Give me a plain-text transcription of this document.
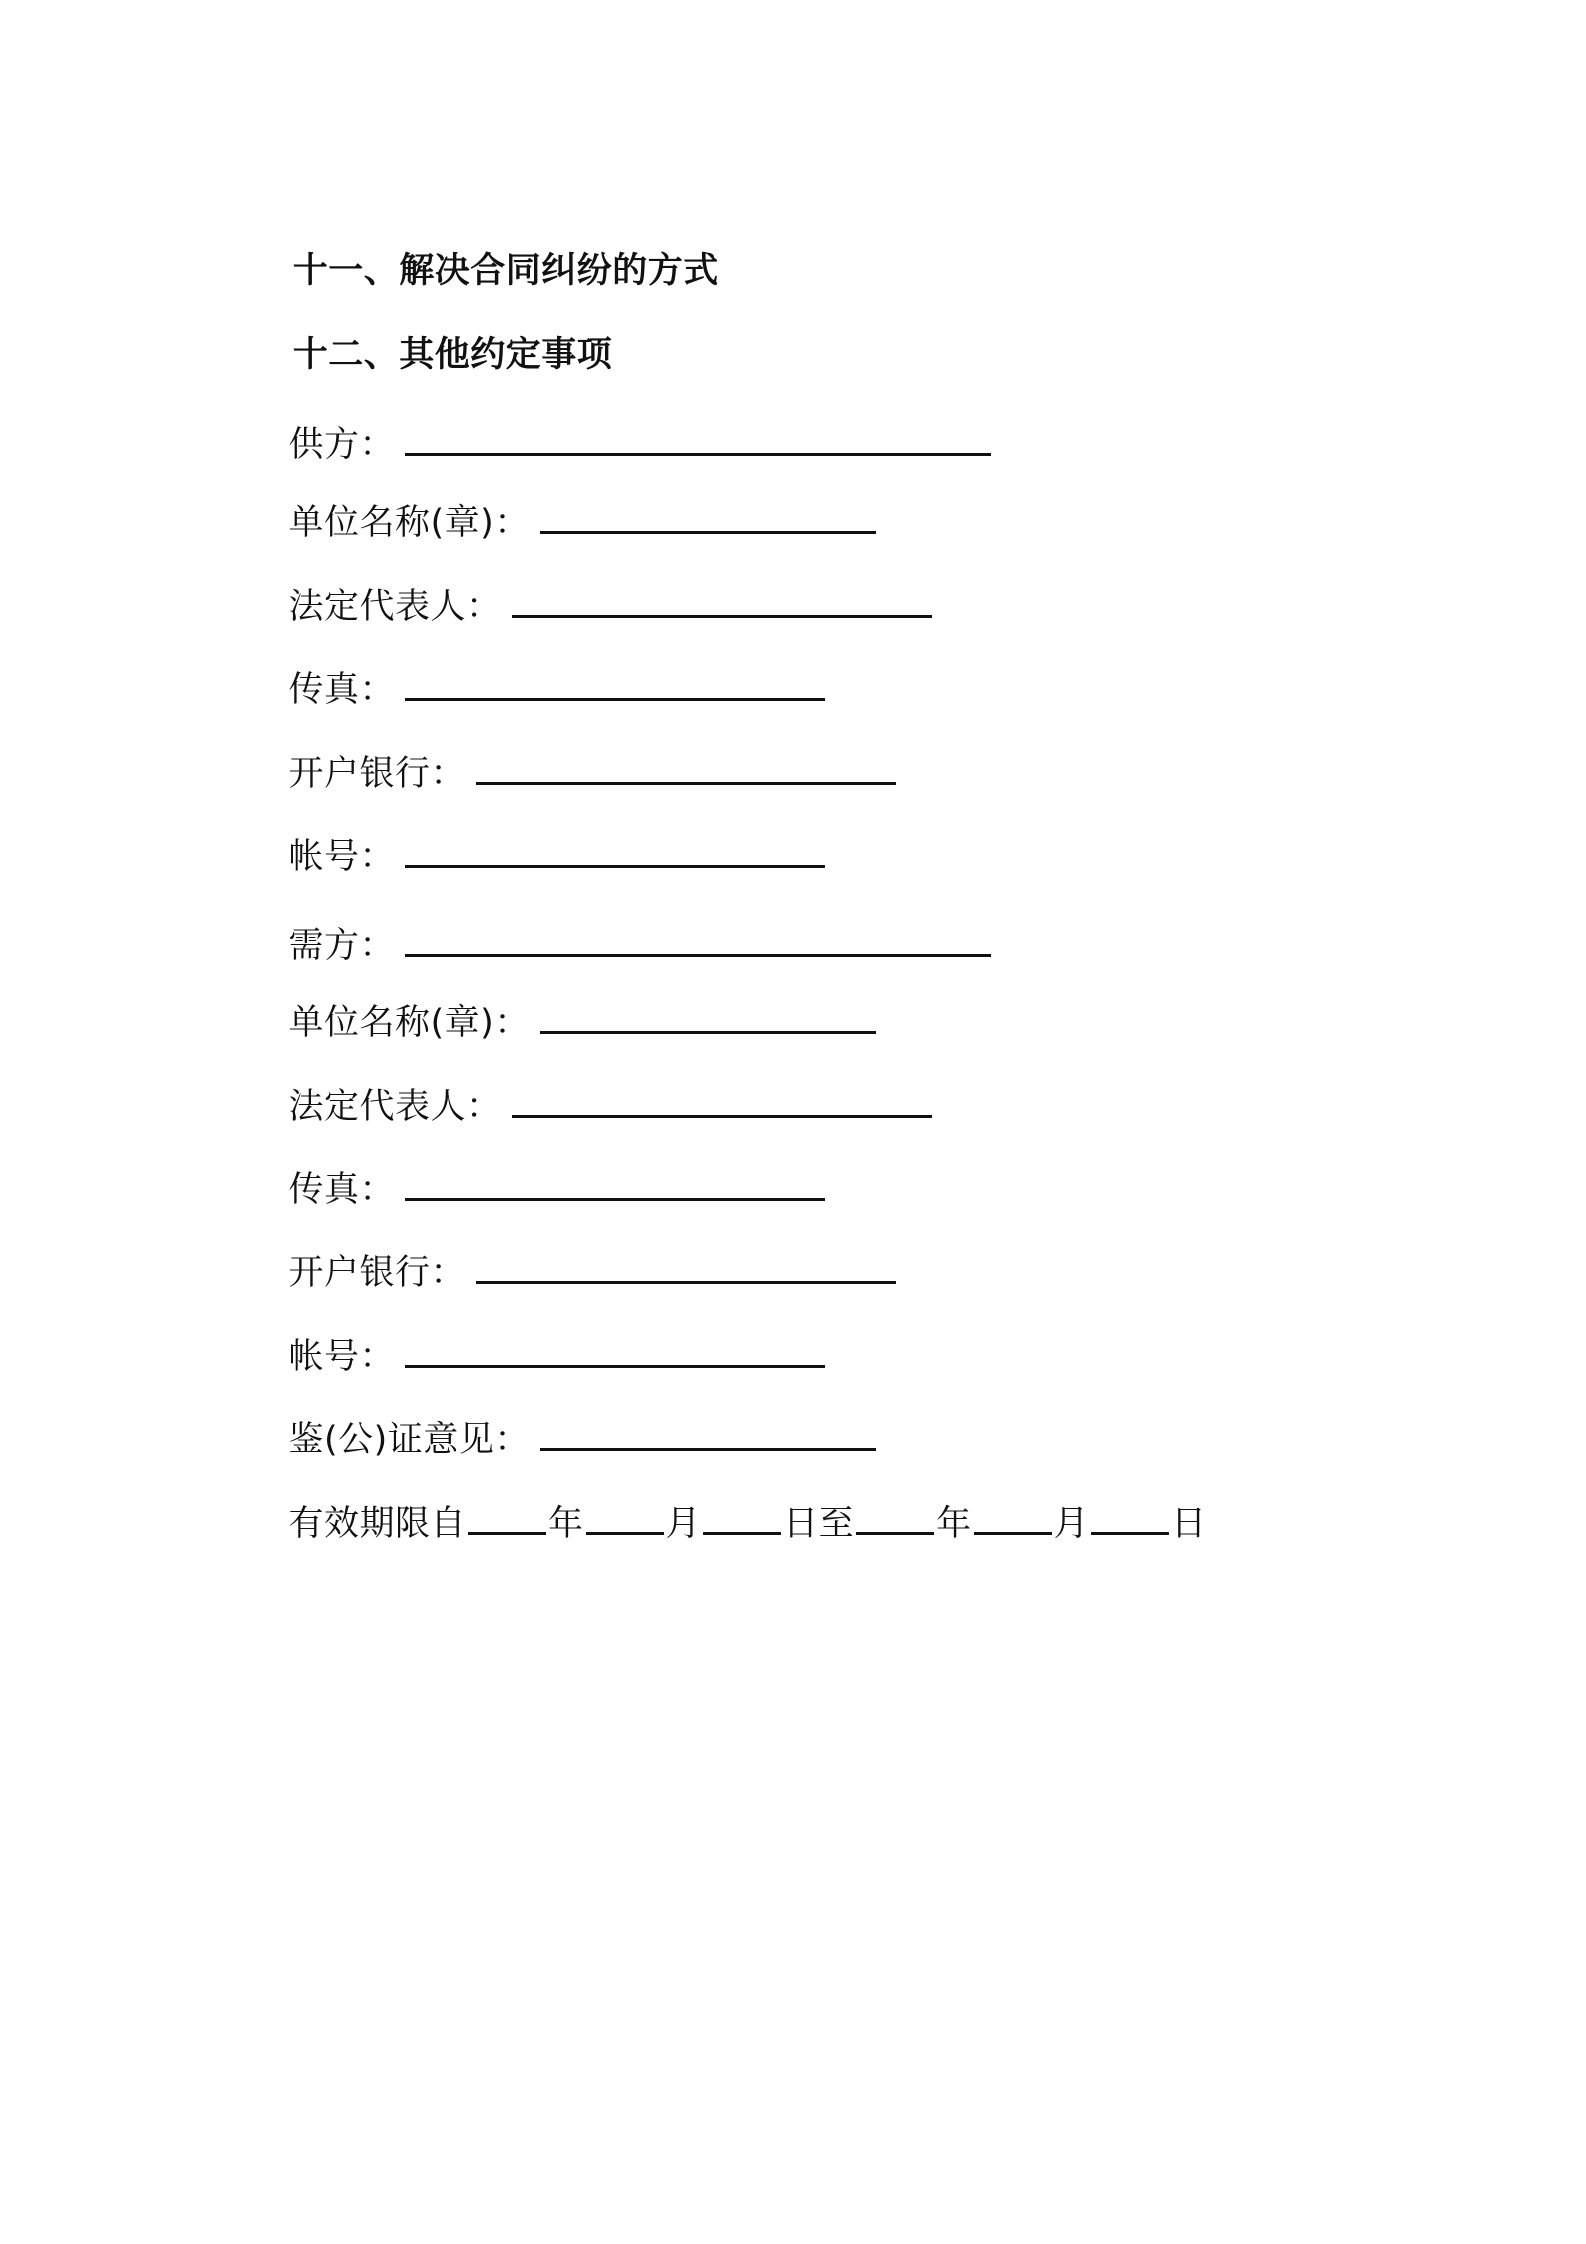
十一、解决合同纠纷的方式

十二、其他约定事项

供方：

单位名称(章)：

法定代表人：

传真：

开户银行：

帐号：

需方：

单位名称(章)：

法定代表人：

传真：

开户银行：

帐号：

鉴(公)证意见：

有效期限自 年 月 日至 年 月 日
